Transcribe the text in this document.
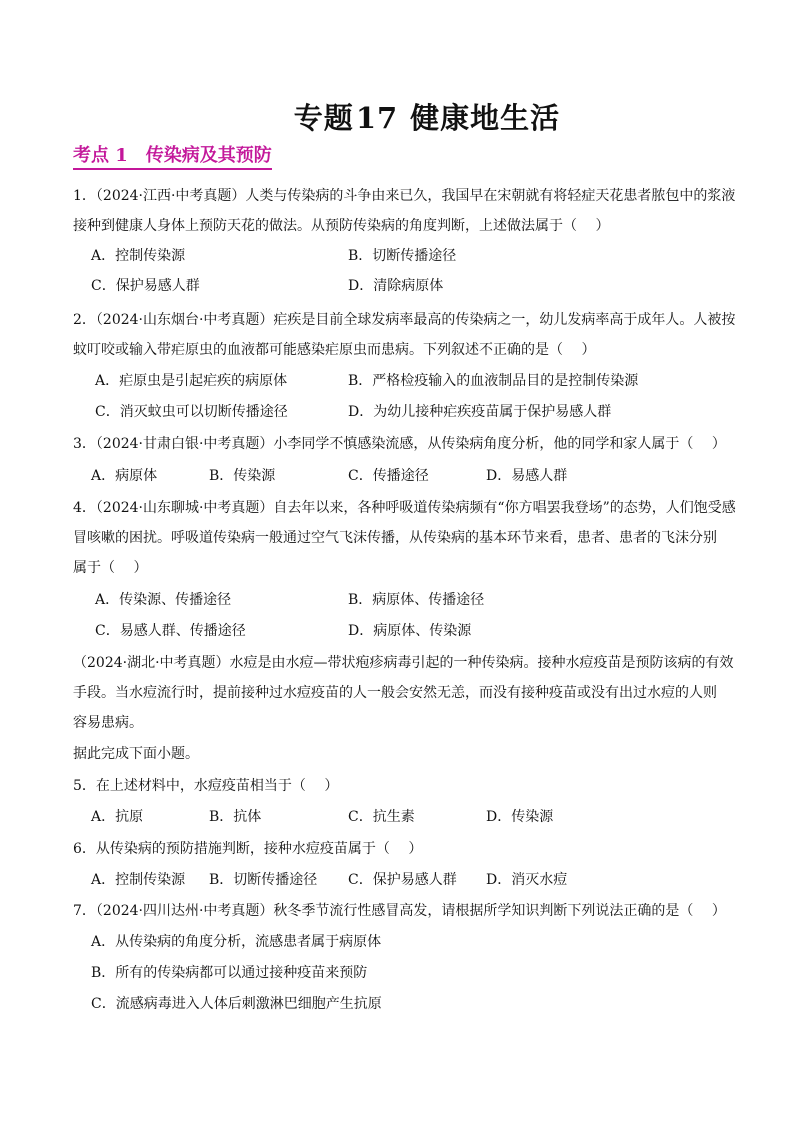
专题17 健康地生活
考点 1　传染病及其预防
1．（2024·江西·中考真题）人类与传染病的斗争由来已久，我国早在宋朝就有将轻症天花患者脓包中的浆液
接种到健康人身体上预防天花的做法。从预防传染病的角度判断，上述做法属于（　 ）
A．控制传染源	B．切断传播途径
C．保护易感人群	D．清除病原体
2．（2024·山东烟台·中考真题）疟疾是目前全球发病率最高的传染病之一，幼儿发病率高于成年人。人被按
蚊叮咬或输入带疟原虫的血液都可能感染疟原虫而患病。下列叙述不正确的是（　 ）
A．疟原虫是引起疟疾的病原体	B．严格检疫输入的血液制品目的是控制传染源
C．消灭蚊虫可以切断传播途径	D．为幼儿接种疟疾疫苗属于保护易感人群
3．（2024·甘肃白银·中考真题）小李同学不慎感染流感，从传染病角度分析，他的同学和家人属于（　 ）
A．病原体	B．传染源	C．传播途径	D．易感人群
4．（2024·山东聊城·中考真题）自去年以来，各种呼吸道传染病频有“你方唱罢我登场”的态势，人们饱受感
冒咳嗽的困扰。呼吸道传染病一般通过空气飞沫传播，从传染病的基本环节来看，患者、患者的飞沫分别
属于（　 ）
A．传染源、传播途径	B．病原体、传播途径
C．易感人群、传播途径	D．病原体、传染源
（2024·湖北·中考真题）水痘是由水痘—带状疱疹病毒引起的一种传染病。接种水痘疫苗是预防该病的有效
手段。当水痘流行时，提前接种过水痘疫苗的人一般会安然无恙，而没有接种疫苗或没有出过水痘的人则
容易患病。
据此完成下面小题。
5．在上述材料中，水痘疫苗相当于（　 ）
A．抗原	B．抗体	C．抗生素	D．传染源
6．从传染病的预防措施判断，接种水痘疫苗属于（　 ）
A．控制传染源 B．切断传播途径 C．保护易感人群 D．消灭水痘
7．（2024·四川达州·中考真题）秋冬季节流行性感冒高发，请根据所学知识判断下列说法正确的是（　 ）
A．从传染病的角度分析，流感患者属于病原体
B．所有的传染病都可以通过接种疫苗来预防
C．流感病毒进入人体后刺激淋巴细胞产生抗原
